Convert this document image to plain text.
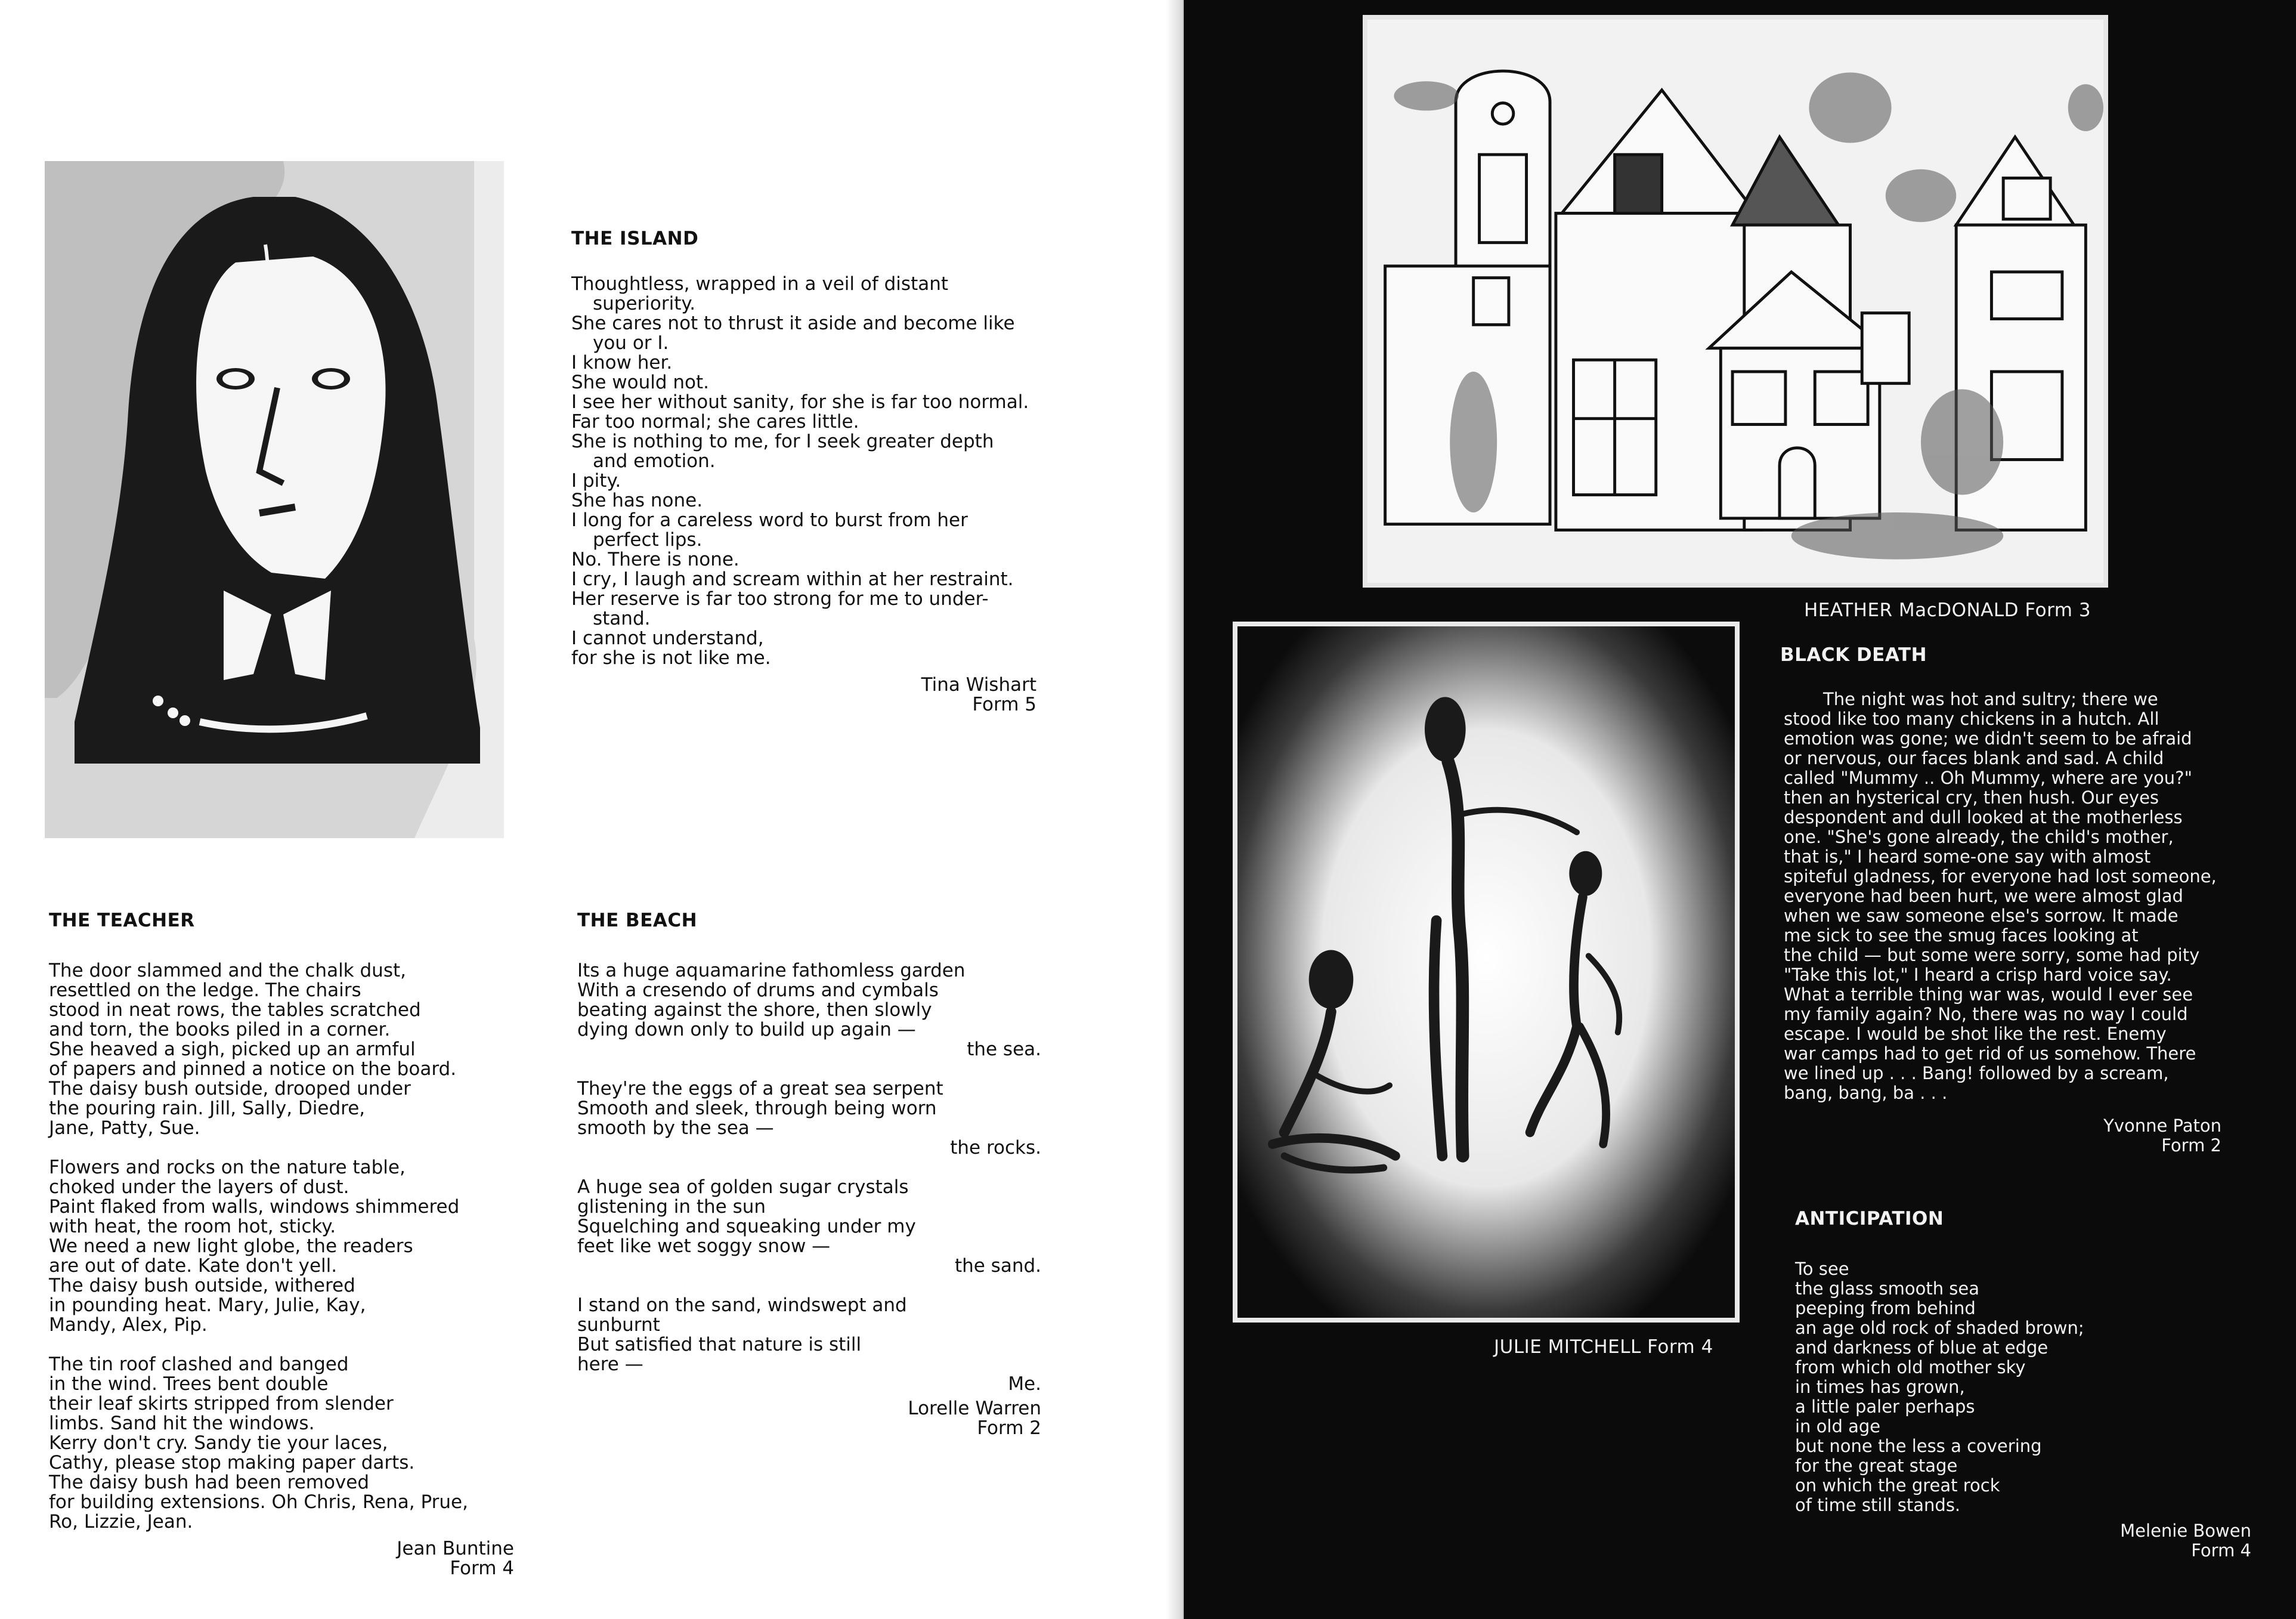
THE ISLAND
Thoughtless, wrapped in a veil of distant
superiority.
She cares not to thrust it aside and become like
you or I.
I know her.
She would not.
I see her without sanity, for she is far too normal.
Far too normal; she cares little.
She is nothing to me, for I seek greater depth
and emotion.
I pity.
She has none.
I long for a careless word to burst from her
perfect lips.
No. There is none.
I cry, I laugh and scream within at her restraint.
Her reserve is far too strong for me to under-
stand.
I cannot understand,
for she is not like me.
Tina Wishart
Form 5
THE TEACHER
The door slammed and the chalk dust,
resettled on the ledge. The chairs
stood in neat rows, the tables scratched
and torn, the books piled in a corner.
She heaved a sigh, picked up an armful
of papers and pinned a notice on the board.
The daisy bush outside, drooped under
the pouring rain. Jill, Sally, Diedre,
Jane, Patty, Sue.
Flowers and rocks on the nature table,
choked under the layers of dust.
Paint flaked from walls, windows shimmered
with heat, the room hot, sticky.
We need a new light globe, the readers
are out of date. Kate don't yell.
The daisy bush outside, withered
in pounding heat. Mary, Julie, Kay,
Mandy, Alex, Pip.
The tin roof clashed and banged
in the wind. Trees bent double
their leaf skirts stripped from slender
limbs. Sand hit the windows.
Kerry don't cry. Sandy tie your laces,
Cathy, please stop making paper darts.
The daisy bush had been removed
for building extensions. Oh Chris, Rena, Prue,
Ro, Lizzie, Jean.
Jean Buntine
Form 4
THE BEACH
Its a huge aquamarine fathomless garden
With a cresendo of drums and cymbals
beating against the shore, then slowly
dying down only to build up again —
the sea.
They're the eggs of a great sea serpent
Smooth and sleek, through being worn
smooth by the sea —
the rocks.
A huge sea of golden sugar crystals
glistening in the sun
Squelching and squeaking under my
feet like wet soggy snow —
the sand.
I stand on the sand, windswept and
sunburnt
But satisfied that nature is still
here —
Me.
Lorelle Warren
Form 2
HEATHER MacDONALD Form 3
JULIE MITCHELL Form 4
BLACK DEATH
The night was hot and sultry; there we
stood like too many chickens in a hutch. All
emotion was gone; we didn't seem to be afraid
or nervous, our faces blank and sad. A child
called "Mummy .. Oh Mummy, where are you?"
then an hysterical cry, then hush. Our eyes
despondent and dull looked at the motherless
one. "She's gone already, the child's mother,
that is," I heard some-one say with almost
spiteful gladness, for everyone had lost someone,
everyone had been hurt, we were almost glad
when we saw someone else's sorrow. It made
me sick to see the smug faces looking at
the child — but some were sorry, some had pity
"Take this lot," I heard a crisp hard voice say.
What a terrible thing war was, would I ever see
my family again? No, there was no way I could
escape. I would be shot like the rest. Enemy
war camps had to get rid of us somehow. There
we lined up . . . Bang! followed by a scream,
bang, bang, ba . . .
Yvonne Paton
Form 2
ANTICIPATION
To see
the glass smooth sea
peeping from behind
an age old rock of shaded brown;
and darkness of blue at edge
from which old mother sky
in times has grown,
a little paler perhaps
in old age
but none the less a covering
for the great stage
on which the great rock
of time still stands.
Melenie Bowen
Form 4
